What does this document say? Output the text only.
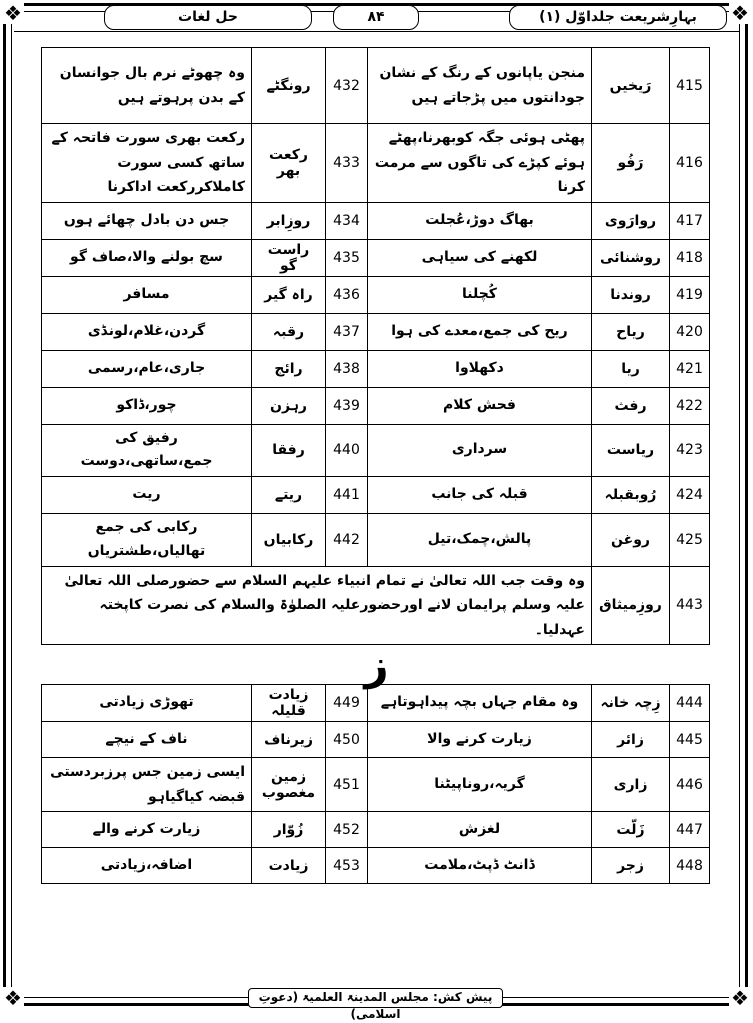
❖	❖
❖	❖
بہارِشریعت جلداوّل (۱)
۸۴
حل لغات
415	رَیخیں	منجن یاپانوں کے رنگ کے نشان جودانتوں میں پڑجاتے ہیں	432	رونگٹے	وہ چھوٹے نرم بال جوانسان کے بدن پرہوتے ہیں
416	رَفُو	پھٹی ہوئی جگہ کوبھرنا،پھٹے ہوئے کپڑے کی تاگوں سے مرمت کرنا	433	رکعت بھر	رکعت بھری سورت فاتحہ کے ساتھ کسی سورت کاملاکررکعت اداکرنا
417	روارَوی	بھاگ دوڑ،عُجلت	434	روزِابر	جس دن بادل چھائے ہوں
418	روشنائی	لکھنے کی سیاہی	435	راست گو	سچ بولنے والا،صاف گو
419	روندنا	کُچلنا	436	راہ گیر	مسافر
420	ریاح	ریح کی جمع،معدے کی ہوا	437	رقبہ	گردن،غلام،لونڈی
421	ریا	دکھلاوا	438	رائج	جاری،عام،رسمی
422	رفث	فحش کلام	439	رہزن	چور،ڈاکو
423	ریاست	سرداری	440	رفقا	رفیق کی جمع،ساتھی،دوست
424	رُوبقبلہ	قبلہ کی جانب	441	ریتے	ریت
425	روغن	پالش،چمک،تیل	442	رکابیاں	رکابی کی جمع تھالیاں،طشتریاں
443	روزِمیثاق	وہ وقت جب اللہ تعالیٰ نے تمام انبیاء علیہم السلام سے حضورصلی اللہ تعالیٰ علیہ وسلم پرایمان لانے اورحضورعلیہ الصلوٰۃ والسلام کی نصرت کاپختہ عہدلیا۔			
ز
444	زِچہ خانہ	وہ مقام جہاں بچہ پیداہوتاہے	449	زیادت قلیلہ	تھوڑی زیادتی
445	زائر	زیارت کرنے والا	450	زیرناف	ناف کے نیچے
446	زاری	گریہ،روناپیٹنا	451	زمین مغصوب	ایسی زمین جس پرزبردستی قبضہ کیاگیاہو
447	زَلّت	لغزش	452	زُوّار	زیارت کرنے والے
448	زجر	ڈانٹ ڈپٹ،ملامت	453	زیادت	اضافہ،زیادتی
پیش کش: مجلس المدینۃ العلمیۃ (دعوتِ اسلامی)
